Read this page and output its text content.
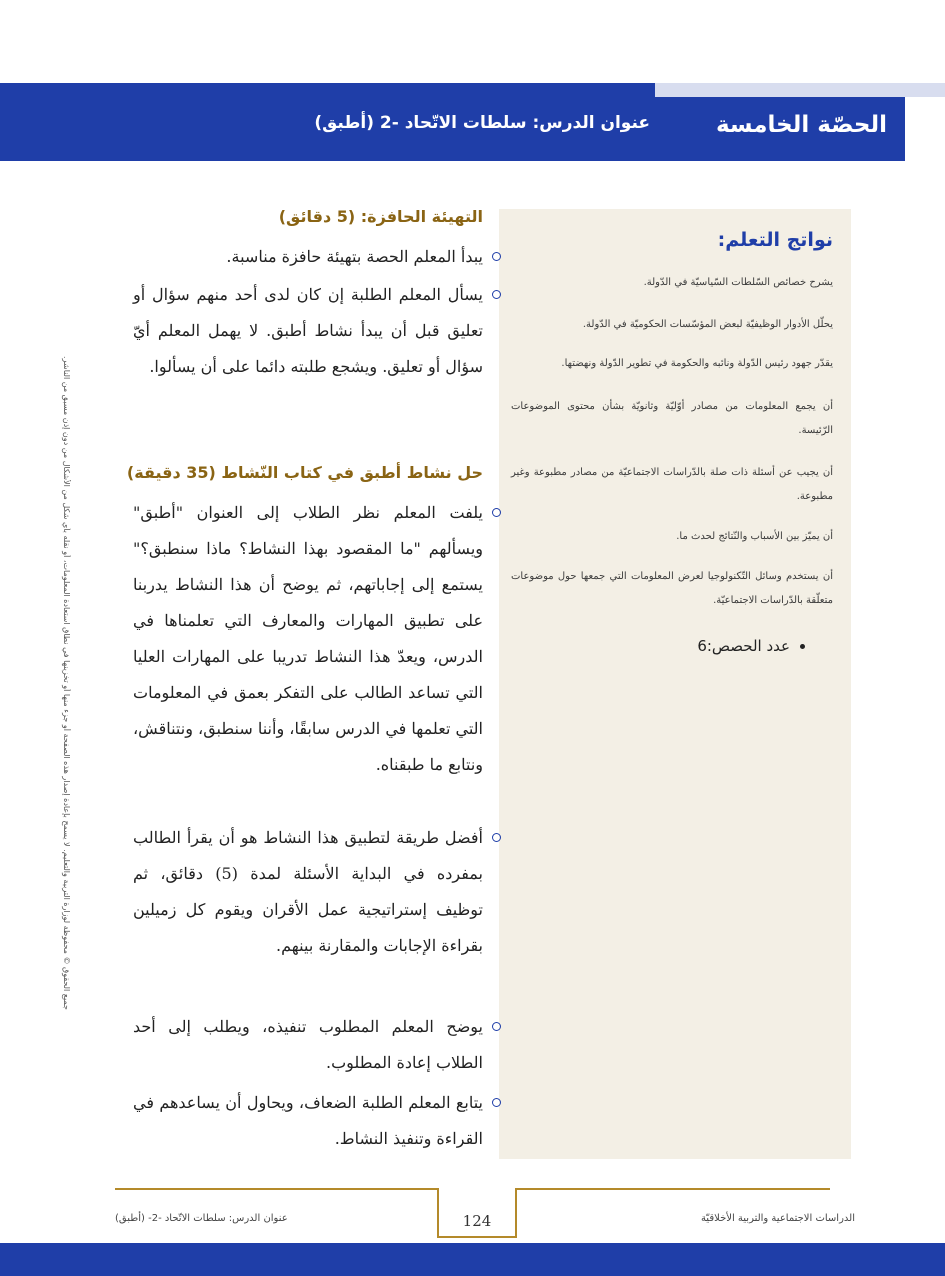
الحصّة الخامسة
عنوان الدرس: سلطات الاتّحاد -2 (أطبق)
نواتج التعلم:
يشرح خصائص السّلطات السّياسيّة في الدّولة.
يحلّل الأدوار الوظيفيّة لبعض المؤسّسات الحكوميّة في الدّولة.
يقدّر جهود رئيس الدّولة ونائبه والحكومة في تطوير الدّولة ونهضتها.
أن يجمع المعلومات من مصادر أوّليّة وثانويّة بشأن محتوى الموضوعات الرّئيسة.
أن يجيب عن أسئلة ذات صلة بالدّراسات الاجتماعيّة من مصادر مطبوعة وغير مطبوعة.
أن يميّز بين الأسباب والنّتائج لحدث ما.
أن يستخدم وسائل التّكنولوجيا لعرض المعلومات التي جمعها حول موضوعات متعلّقة بالدّراسات الاجتماعيّة.
عدد الحصص:6
التهيئة الحافزة: (5 دقائق)
يبدأ المعلم الحصة بتهيئة حافزة مناسبة.
يسأل المعلم الطلبة إن كان لدى أحد منهم سؤال أو تعليق قبل أن يبدأ نشاط أطبق. لا يهمل المعلم أيّ سؤال أو تعليق. ويشجع طلبته دائما على أن يسألوا.
حل نشاط أطبق في كتاب النّشاط (35 دقيقة)
يلفت المعلم نظر الطلاب إلى العنوان "أطبق" ويسألهم "ما المقصود بهذا النشاط؟ ماذا سنطبق؟" يستمع إلى إجاباتهم، ثم يوضح أن هذا النشاط يدربنا على تطبيق المهارات والمعارف التي تعلمناها في الدرس، ويعدّ هذا النشاط تدريبا على المهارات العليا التي تساعد الطالب على التفكر بعمق في المعلومات التي تعلمها في الدرس سابقًا، وأننا سنطبق، ونتناقش، ونتابع ما طبقناه.
أفضل طريقة لتطبيق هذا النشاط هو أن يقرأ الطالب بمفرده في البداية الأسئلة لمدة (5) دقائق، ثم توظيف إستراتيجية عمل الأقران ويقوم كل زميلين بقراءة الإجابات والمقارنة بينهم.
يوضح المعلم المطلوب تنفيذه، ويطلب إلى أحد الطلاب إعادة المطلوب.
يتابع المعلم الطلبة الضعاف، ويحاول أن يساعدهم في القراءة وتنفيذ النشاط.
جميع الحقوق © محفوظة لوزارة التربية والتعليم. لا يسمح بإعادة إصدار هذه الصفحة أو جزء منها أو تخزينها في نطاق استعادة المعلومات، أو نقله بأي شكل من الأشكال من دون إذن مسبق من الناشر.
124
عنوان الدرس: سلطات الاتّحاد -2- (أطبق)	الدراسات الاجتماعية والتربية الأخلاقيّة
